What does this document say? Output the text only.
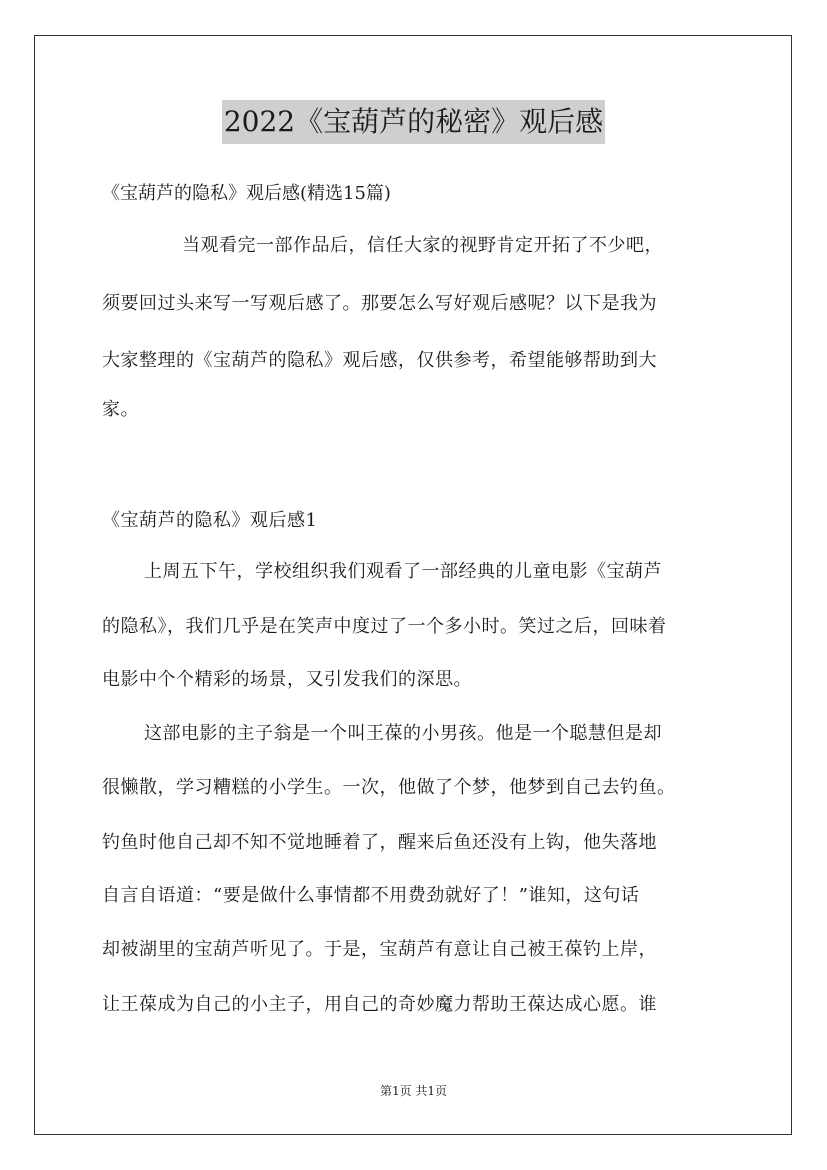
2022《宝葫芦的秘密》观后感
《宝葫芦的隐私》观后感(精选15篇)
当观看完一部作品后，信任大家的视野肯定开拓了不少吧，
须要回过头来写一写观后感了。那要怎么写好观后感呢？以下是我为
大家整理的《宝葫芦的隐私》观后感，仅供参考，希望能够帮助到大
家。
《宝葫芦的隐私》观后感1
上周五下午，学校组织我们观看了一部经典的儿童电影《宝葫芦
的隐私》，我们几乎是在笑声中度过了一个多小时。笑过之后，回味着
电影中个个精彩的场景，又引发我们的深思。
这部电影的主子翁是一个叫王葆的小男孩。他是一个聪慧但是却
很懒散，学习糟糕的小学生。一次，他做了个梦，他梦到自己去钓鱼。
钓鱼时他自己却不知不觉地睡着了，醒来后鱼还没有上钩，他失落地
自言自语道：“要是做什么事情都不用费劲就好了！”谁知，这句话
却被湖里的宝葫芦听见了。于是，宝葫芦有意让自己被王葆钓上岸，
让王葆成为自己的小主子，用自己的奇妙魔力帮助王葆达成心愿。谁
第1页 共1页
